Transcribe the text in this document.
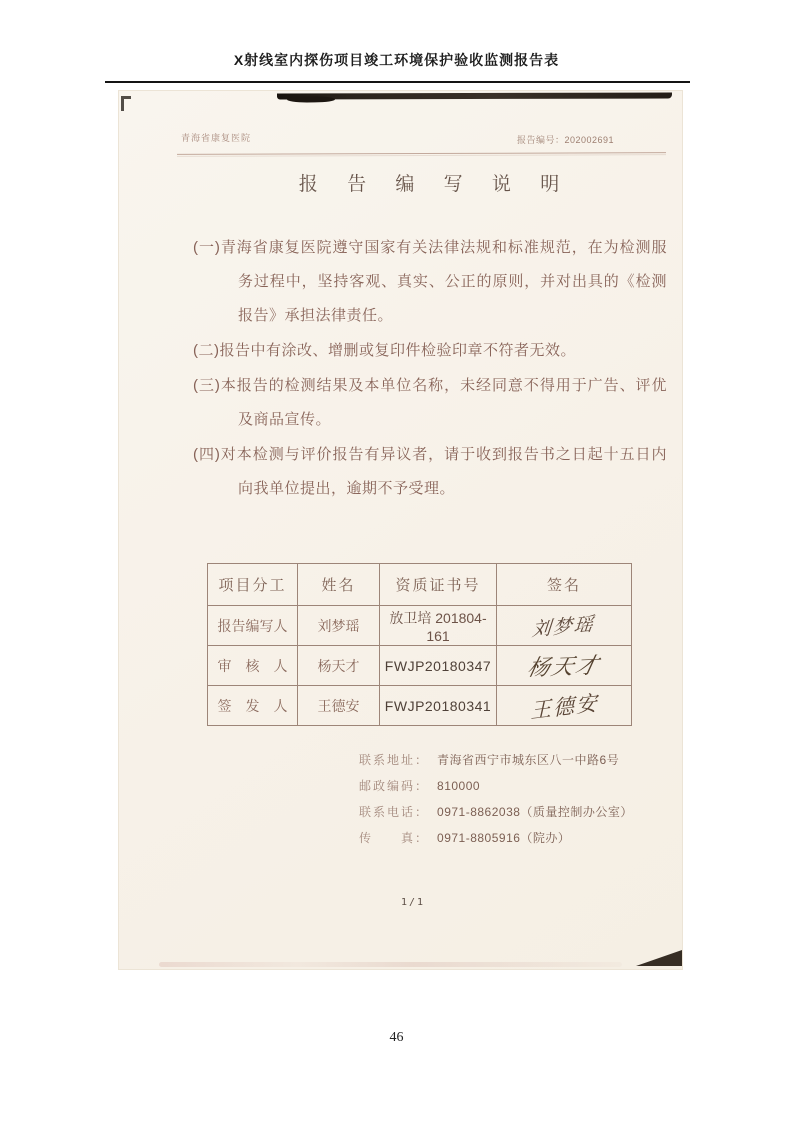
X射线室内探伤项目竣工环境保护验收监测报告表
青海省康复医院	报告编号：202002691
报 告 编 写 说 明

(一)青海省康复医院遵守国家有关法律法规和标准规范，在为检测服务过程中，坚持客观、真实、公正的原则，并对出具的《检测报告》承担法律责任。

(二)报告中有涂改、增删或复印件检验印章不符者无效。

(三)本报告的检测结果及本单位名称，未经同意不得用于广告、评优及商品宣传。

(四)对本检测与评价报告有异议者，请于收到报告书之日起十五日内向我单位提出，逾期不予受理。

项目分工	姓名	资质证书号	签名
报告编写人	刘梦瑶	放卫培 201804-161	刘梦瑶
审　核　人	杨天才	FWJP20180347	杨天才
签　发　人	王德安	FWJP20180341	王德安
联系地址： 青海省西宁市城东区八一中路6号
邮政编码： 810000
联系电话： 0971-8862038（质量控制办公室）
传　　真： 0971-8805916（院办）
1/1
46
